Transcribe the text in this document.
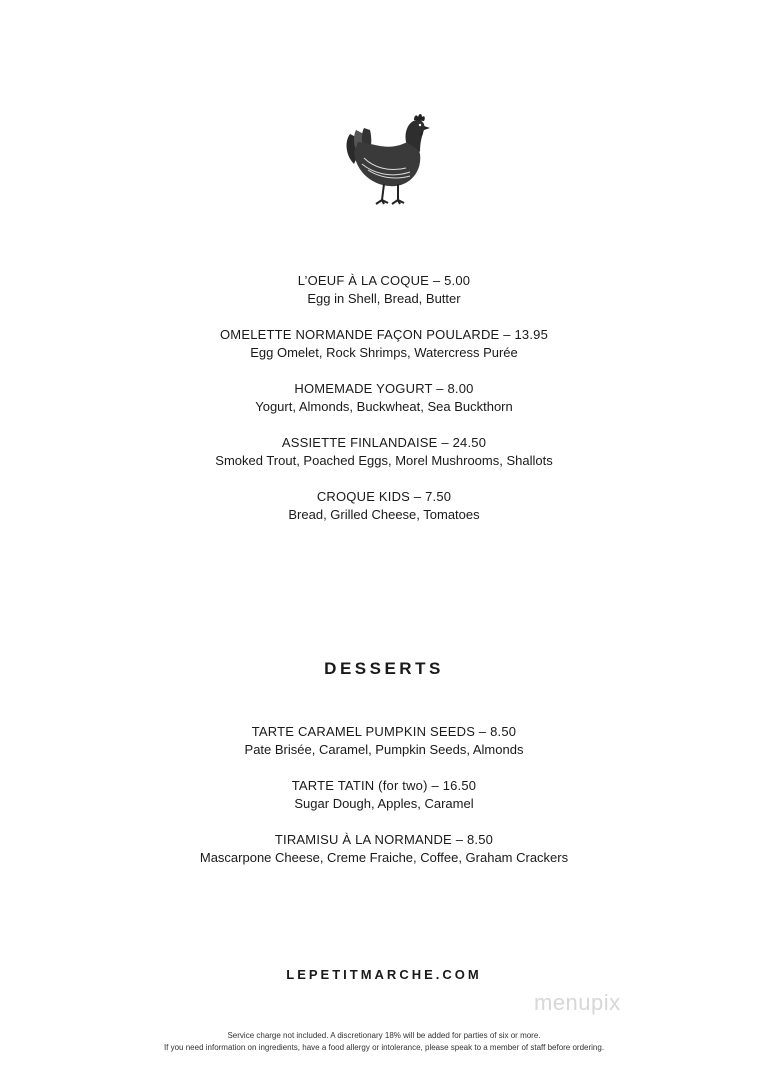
L’OEUF À LA COQUE – 5.00
Egg in Shell, Bread, Butter
OMELETTE NORMANDE FAÇON POULARDE – 13.95
Egg Omelet, Rock Shrimps, Watercress Purée
HOMEMADE YOGURT – 8.00
Yogurt, Almonds, Buckwheat, Sea Buckthorn
ASSIETTE FINLANDAISE – 24.50
Smoked Trout, Poached Eggs, Morel Mushrooms, Shallots
CROQUE KIDS – 7.50
Bread, Grilled Cheese, Tomatoes
DESSERTS
TARTE CARAMEL PUMPKIN SEEDS – 8.50
Pate Brisée, Caramel, Pumpkin Seeds, Almonds
TARTE TATIN (for two) – 16.50
Sugar Dough, Apples, Caramel
TIRAMISU À LA NORMANDE – 8.50
Mascarpone Cheese, Creme Fraiche, Coffee, Graham Crackers
LEPETITMARCHE.COM
menupix
Service charge not included. A discretionary 18% will be added for parties of six or more.
If you need information on ingredients, have a food allergy or intolerance, please speak to a member of staff before ordering.
